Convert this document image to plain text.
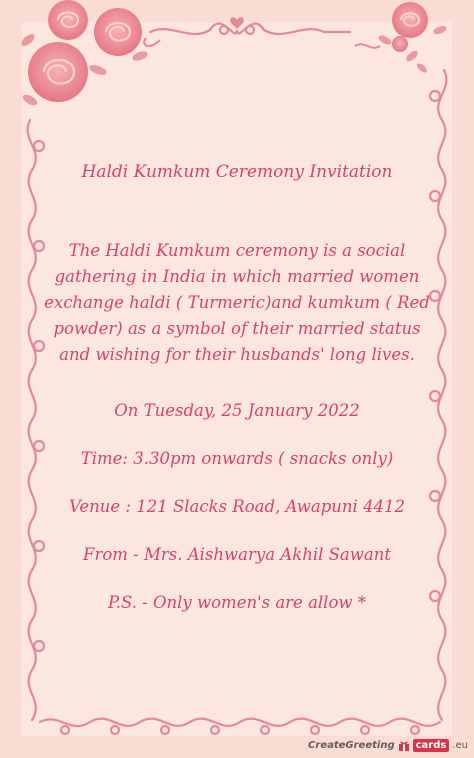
Haldi Kumkum Ceremony Invitation
The Haldi Kumkum ceremony is a social gathering in India in which married women exchange haldi ( Turmeric)and kumkum ( Red powder) as a symbol of their married status and wishing for their husbands' long lives.
On Tuesday, 25 January 2022
Time: 3.30pm onwards ( snacks only)
Venue : 121 Slacks Road, Awapuni 4412
From - Mrs. Aishwarya Akhil Sawant
P.S. - Only women's are allow *
CreateGreeting	cards .eu
